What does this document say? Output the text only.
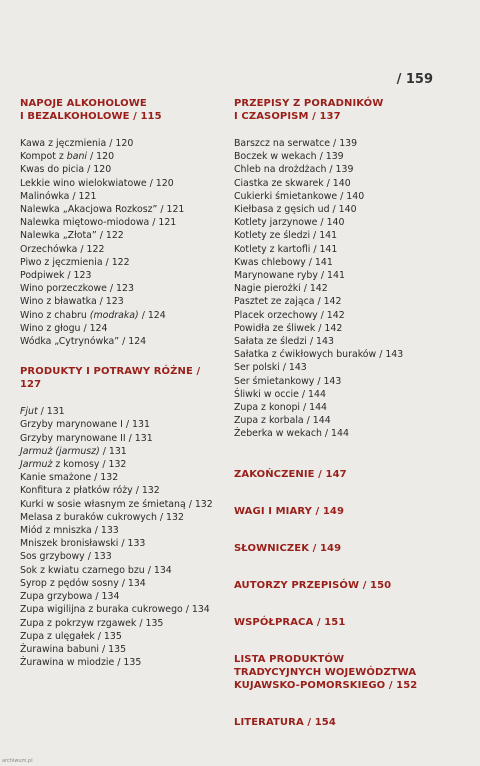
/ 159
NAPOJE ALKOHOLOWE
I BEZALKOHOLOWE / 115
Kawa z jęczmienia / 120
Kompot z bani / 120
Kwas do picia / 120
Lekkie wino wielokwiatowe / 120
Malinówka / 121
Nalewka „Akacjowa Rozkosz” / 121
Nalewka miętowo-miodowa / 121
Nalewka „Złota” / 122
Orzechówka / 122
Piwo z jęczmienia / 122
Podpiwek / 123
Wino porzeczkowe / 123
Wino z bławatka / 123
Wino z chabru (modraka) / 124
Wino z głogu / 124
Wódka „Cytrynówka” / 124
PRODUKTY I POTRAWY RÓŻNE / 127
Fjut / 131
Grzyby marynowane I / 131
Grzyby marynowane II / 131
Jarmuż (jarmusz) / 131
Jarmuż z komosy / 132
Kanie smażone / 132
Konfitura z płatków róży / 132
Kurki w sosie własnym ze śmietaną / 132
Melasa z buraków cukrowych / 132
Miód z mniszka / 133
Mniszek bronisławski / 133
Sos grzybowy / 133
Sok z kwiatu czarnego bzu / 134
Syrop z pędów sosny / 134
Zupa grzybowa / 134
Zupa wigilijna z buraka cukrowego / 134
Zupa z pokrzyw rzgawek / 135
Zupa z ulęgałek / 135
Żurawina babuni / 135
Żurawina w miodzie / 135
PRZEPISY Z PORADNIKÓW
I CZASOPISM / 137
Barszcz na serwatce / 139
Boczek w wekach / 139
Chleb na drożdżach / 139
Ciastka ze skwarek / 140
Cukierki śmietankowe / 140
Kiełbasa z gęsich ud / 140
Kotlety jarzynowe / 140
Kotlety ze śledzi / 141
Kotlety z kartofli / 141
Kwas chlebowy / 141
Marynowane ryby / 141
Nagie pierożki / 142
Pasztet ze zająca / 142
Placek orzechowy / 142
Powidła ze śliwek / 142
Sałata ze śledzi / 143
Sałatka z ćwikłowych buraków / 143
Ser polski / 143
Ser śmietankowy / 143
Śliwki w occie / 144
Zupa z konopi / 144
Zupa z korbala / 144
Żeberka w wekach / 144
ZAKOŃCZENIE / 147
WAGI I MIARY / 149
SŁOWNICZEK / 149
AUTORZY PRZEPISÓW / 150
WSPÓŁPRACA / 151
LISTA PRODUKTÓW
TRADYCYJNYCH WOJEWÓDZTWA
KUJAWSKO-POMORSKIEGO / 152
LITERATURA / 154
archiwum.pl
